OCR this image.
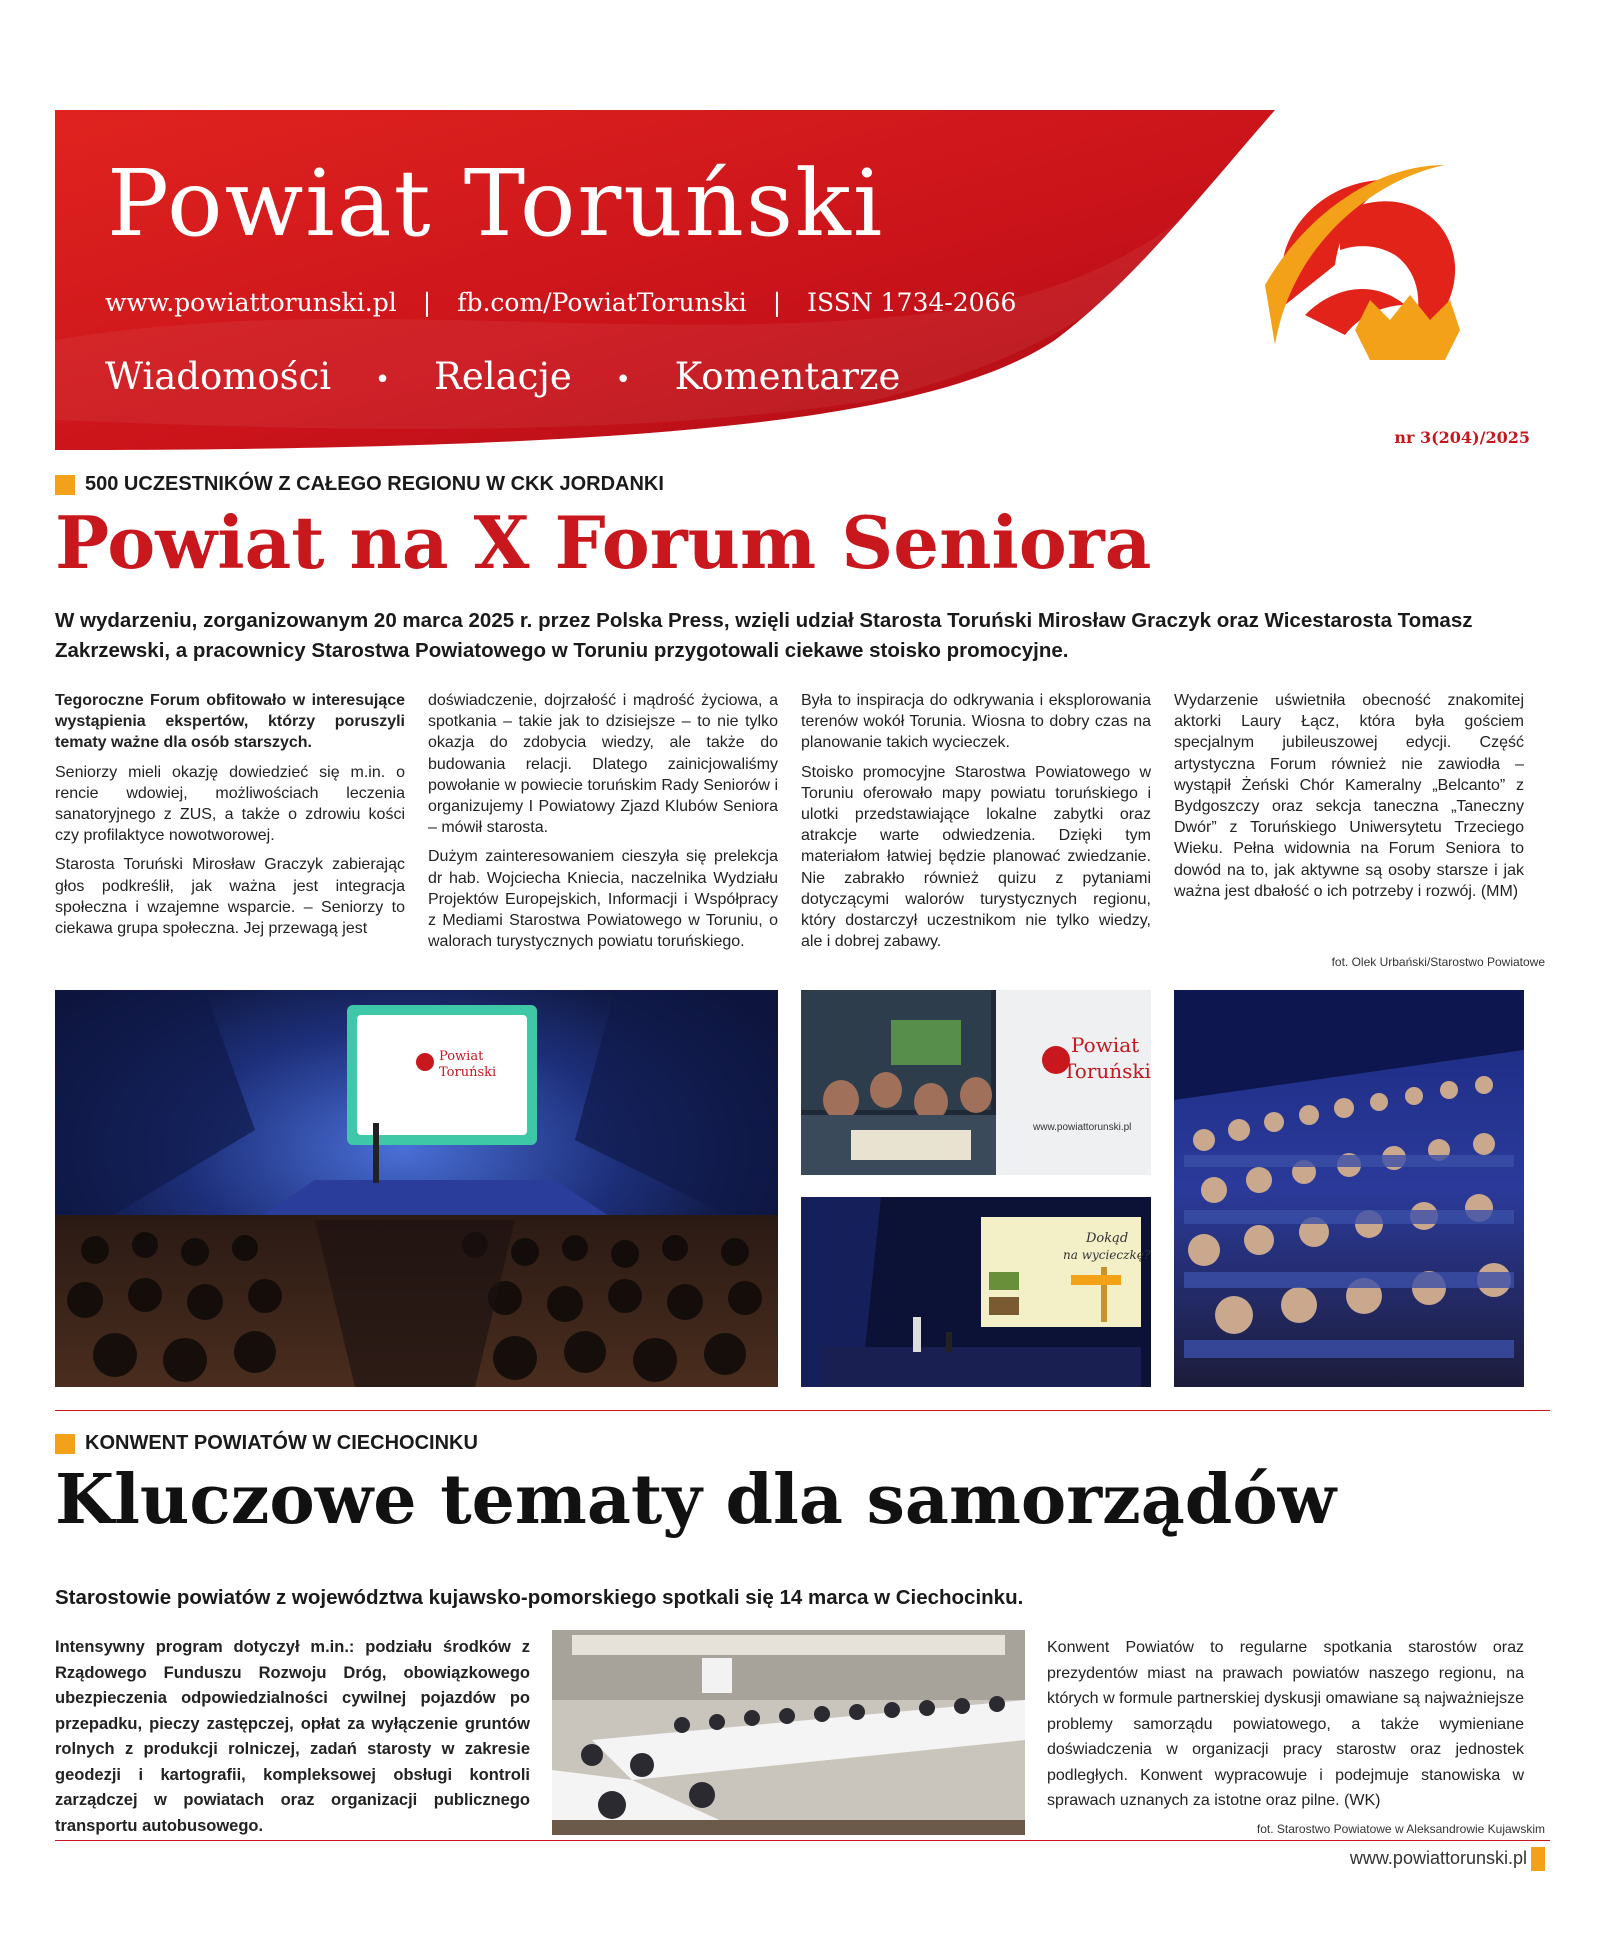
Powiat Toruński
www.powiattorunski.pl | fb.com/PowiatTorunski | ISSN 1734-2066
Wiadomości • Relacje • Komentarze
nr 3(204)/2025
500 UCZESTNIKÓW Z CAŁEGO REGIONU W CKK JORDANKI
Powiat na X Forum Seniora
W wydarzeniu, zorganizowanym 20 marca 2025 r. przez Polska Press, wzięli udział Starosta Toruński Mirosław Graczyk oraz Wicestarosta Tomasz Zakrzewski, a pracownicy Starostwa Powiatowego w Toruniu przygotowali ciekawe stoisko promocyjne.

Tegoroczne Forum obfitowało w interesujące wystąpienia ekspertów, którzy poruszyli tematy ważne dla osób starszych.

Seniorzy mieli okazję dowiedzieć się m.in. o rencie wdowiej, możliwościach leczenia sanatoryjnego z ZUS, a także o zdrowiu kości czy profilaktyce nowotworowej.

Starosta Toruński Mirosław Graczyk zabierając głos podkreślił, jak ważna jest integracja społeczna i wzajemne wsparcie. – Seniorzy to ciekawa grupa społeczna. Jej przewagą jest

doświadczenie, dojrzałość i mądrość życiowa, a spotkania – takie jak to dzisiejsze – to nie tylko okazja do zdobycia wiedzy, ale także do budowania relacji. Dlatego zainicjowaliśmy powołanie w powiecie toruńskim Rady Seniorów i organizujemy I Powiatowy Zjazd Klubów Seniora – mówił starosta.

Dużym zainteresowaniem cieszyła się prelekcja dr hab. Wojciecha Kniecia, naczelnika Wydziału Projektów Europejskich, Informacji i Współpracy z Mediami Starostwa Powiatowego w Toruniu, o walorach turystycznych powiatu toruńskiego.

Była to inspiracja do odkrywania i eksplorowania terenów wokół Torunia. Wiosna to dobry czas na planowanie takich wycieczek.

Stoisko promocyjne Starostwa Powiatowego w Toruniu oferowało mapy powiatu toruńskiego i ulotki przedstawiające lokalne zabytki oraz atrakcje warte odwiedzenia. Dzięki tym materiałom łatwiej będzie planować zwiedzanie. Nie zabrakło również quizu z pytaniami dotyczącymi walorów turystycznych regionu, który dostarczył uczestnikom nie tylko wiedzy, ale i dobrej zabawy.

Wydarzenie uświetniła obecność znakomitej aktorki Laury Łącz, która była gościem specjalnym jubileuszowej edycji. Część artystyczna Forum również nie zawiodła – wystąpił Żeński Chór Kameralny „Belcanto” z Bydgoszczy oraz sekcja taneczna „Taneczny Dwór” z Toruńskiego Uniwersytetu Trzeciego Wieku. Pełna widownia na Forum Seniora to dowód na to, jak aktywne są osoby starsze i jak ważna jest dbałość o ich potrzeby i rozwój. (MM)

fot. Olek Urbański/Starostwo Powiatowe
Powiat
Toruński
Powiat
Toruński
www.powiattorunski.pl
Dokąd
na wycieczkę?
KONWENT POWIATÓW W CIECHOCINKU
Kluczowe tematy dla samorządów
Starostowie powiatów z województwa kujawsko-pomorskiego spotkali się 14 marca w Ciechocinku.
Intensywny program dotyczył m.in.: podziału środków z Rządowego Funduszu Rozwoju Dróg, obowiązkowego ubezpieczenia odpowiedzialności cywilnej pojazdów po przepadku, pieczy zastępczej, opłat za wyłączenie gruntów rolnych z produkcji rolniczej, zadań starosty w zakresie geodezji i kartografii, kompleksowej obsługi kontroli zarządczej w powiatach oraz organizacji publicznego transportu autobusowego.
Konwent Powiatów to regularne spotkania starostów oraz prezydentów miast na prawach powiatów naszego regionu, na których w formule partnerskiej dyskusji omawiane są najważniejsze problemy samorządu powiatowego, a także wymieniane doświadczenia w organizacji pracy starostw oraz jednostek podległych. Konwent wypracowuje i podejmuje stanowiska w sprawach uznanych za istotne oraz pilne. (WK)
fot. Starostwo Powiatowe w Aleksandrowie Kujawskim
www.powiattorunski.pl
